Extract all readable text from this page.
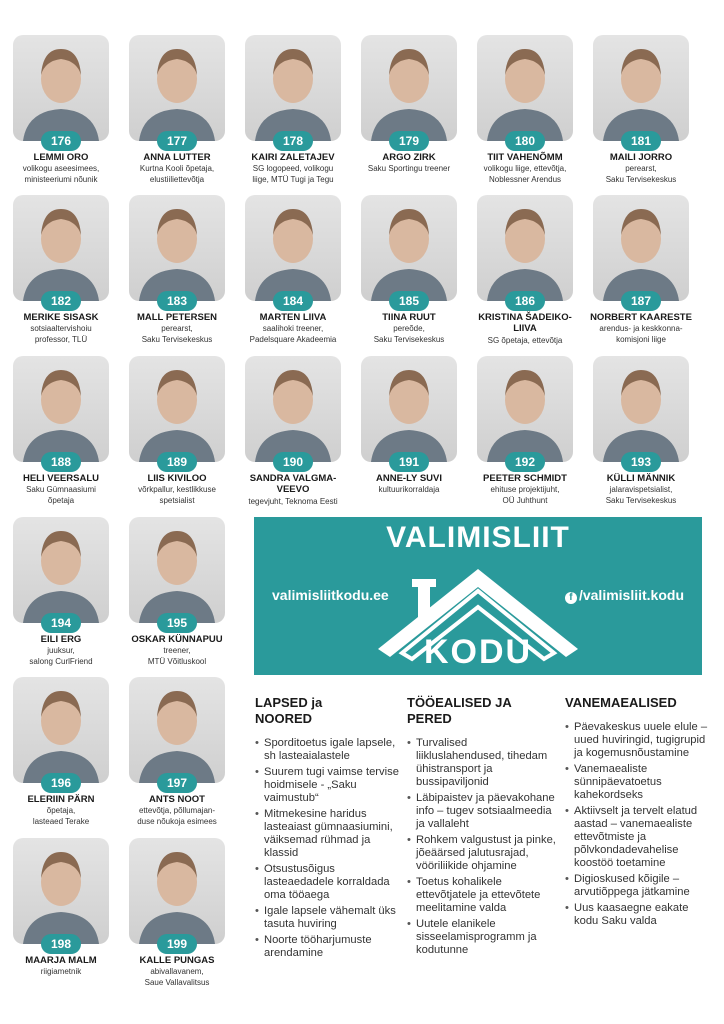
176
LEMMI ORO
volikogu aseesimees,
ministeeriumi nõunik
177
ANNA LUTTER
Kurtna Kooli õpetaja,
elustiiliettevõtja
178
KAIRI ZALETAJEV
SG logopeed, volikogu
liige, MTÜ Tugi ja Tegu
179
ARGO ZIRK
Saku Sportingu treener
180
TIIT VAHENÕMM
volikogu liige, ettevõtja,
Noblessner Arendus
181
MAILI JORRO
perearst,
Saku Tervisekeskus
182
MERIKE SISASK
sotsiaaltervishoiu
professor, TLÜ
183
MALL PETERSEN
perearst,
Saku Tervisekeskus
184
MARTEN LIIVA
saalihoki treener,
Padelsquare Akadeemia
185
TIINA RUUT
pereõde,
Saku Tervisekeskus
186
KRISTINA ŠADEIKO-LIIVA
SG õpetaja, ettevõtja
187
NORBERT KAARESTE
arendus- ja keskkonna-
komisjoni liige
188
HELI VEERSALU
Saku Gümnaasiumi
õpetaja
189
LIIS KIVILOO
võrkpallur, kestlikkuse
spetsialist
190
SANDRA VALGMA-VEEVO
tegevjuht, Teknoma Eesti
191
ANNE-LY SUVI
kultuurikorraldaja
192
PEETER SCHMIDT
ehituse projektijuht,
OÜ Juhthunt
193
KÜLLI MÄNNIK
jalaravispetsialist,
Saku Tervisekeskus
194
EILI ERG
juuksur,
salong CurlFriend
195
OSKAR KÜNNAPUU
treener,
MTÜ Võitluskool
196
ELERIIN PÄRN
õpetaja,
lasteaed Terake
197
ANTS NOOT
ettevõtja, põllumajan-
duse nõukoja esimees
198
MAARJA MALM
riigiametnik
199
KALLE PUNGAS
abivallavanem,
Saue Vallavalitsus
VALIMISLIIT
valimisliitkodu.ee	f /valimisliit.kodu
KODU
LAPSED ja
NOORED
• Sporditoetus igale lapsele, sh lasteaialastele
• Suurem tugi vaimse tervise hoidmisele - „Saku vaimustub“
• Mitmekesine haridus lasteaiast gümnaasiumini, väiksemad rühmad ja klassid
• Otsustusõigus lasteaedadele korraldada oma tööaega
• Igale lapsele vähemalt üks tasuta huviring
• Noorte tööharjumuste arendamine
TÖÖEALISED JA
PERED
• Turvalised liikluslahendused, tihedam ühistransport ja bussipaviljonid
• Läbipaistev ja päevakohane info – tugev sotsiaalmeedia ja vallaleht
• Rohkem valgustust ja pinke, jõeäärsed jalutusrajad, vööriliikide ohjamine
• Toetus kohalikele ettevõtjatele ja ettevõtete meelitamine valda
• Uutele elanikele sisseelamisprogramm ja kodutunne
VANEMAEALISED
• Päevakeskus uuele elule – uued huviringid, tugigrupid ja kogemusnõustamine
• Vanemaealiste sünnipäevatoetus kahekordseks
• Aktiivselt ja tervelt elatud aastad – vanemaealiste ettevõtmiste ja põlvkondadevahelise koostöö toetamine
• Digioskused kõigile – arvutiõppega jätkamine
• Uus kaasaegne eakate kodu Saku valda
